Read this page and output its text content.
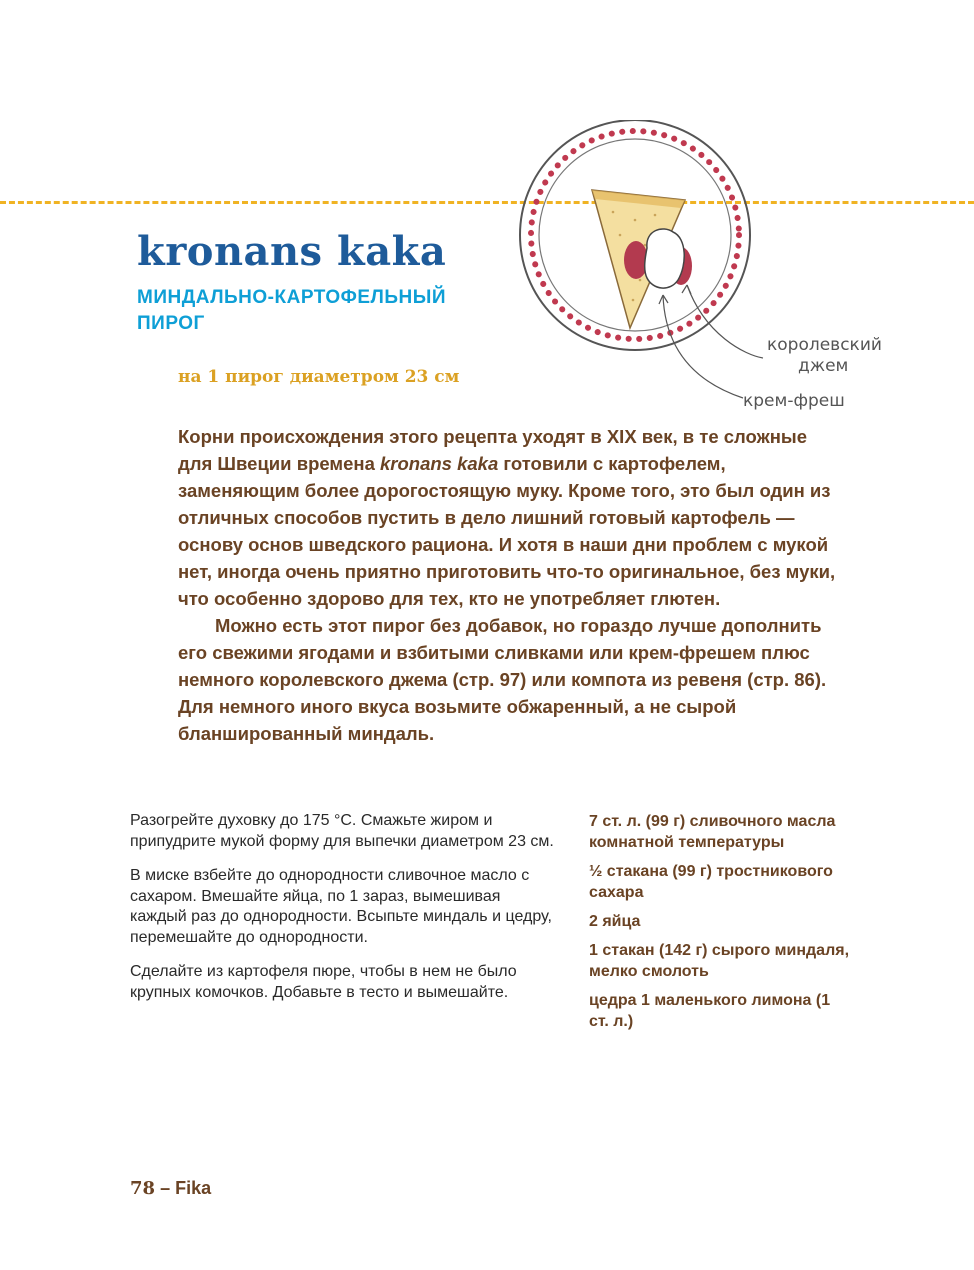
королевский
джем
крем-фреш
kronans kaka
МИНДАЛЬНО-КАРТОФЕЛЬНЫЙ ПИРОГ
на 1 пирог диаметром 23 см

Корни происхождения этого рецепта уходят в XIX век, в те сложные для Швеции времена kronans kaka готовили с картофелем, заменяющим более дорогостоящую муку. Кроме того, это был один из отличных способов пустить в дело лишний готовый картофель — основу основ шведского рациона. И хотя в наши дни проблем с мукой нет, иногда очень приятно приготовить что-то оригинальное, без муки, что особенно здорово для тех, кто не употребляет глютен.

Можно есть этот пирог без добавок, но гораздо лучше дополнить его свежими ягодами и взбитыми сливками или крем-фрешем плюс немного королевского джема (стр. 97) или компота из ревеня (стр. 86). Для немного иного вкуса возьмите обжаренный, а не сырой бланшированный миндаль.

Разогрейте духовку до 175 °С. Смажьте жиром и припудрите мукой форму для выпечки диаметром 23 см.

В миске взбейте до однородности сливочное масло с сахаром. Вмешайте яйца, по 1 зараз, вымешивая каждый раз до однородности. Всыпьте миндаль и цедру, перемешайте до однородности.

Сделайте из картофеля пюре, чтобы в нем не было крупных комочков. Добавьте в тесто и вымешайте.

7 ст. л. (99 г) сливочного масла комнатной температуры

½ стакана (99 г) тростникового сахара

2 яйца

1 стакан (142 г) сырого миндаля, мелко смолоть

цедра 1 маленького лимона (1 ст. л.)

78 – Fika
